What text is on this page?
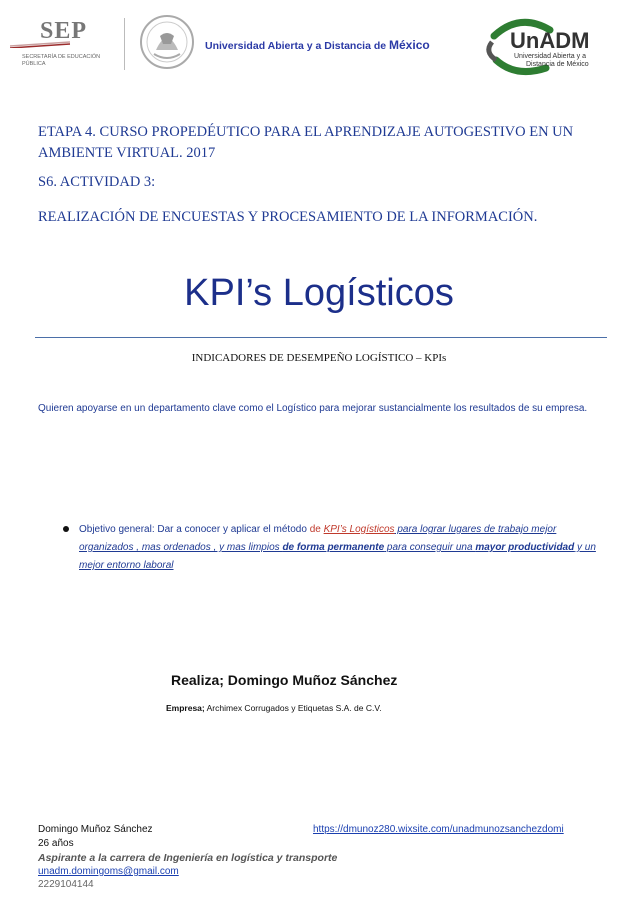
SEP
SECRETARÍA DE EDUCACIÓN PÚBLICA
Universidad Abierta y a Distancia de México	UnADM
Universidad Abierta y a
Distancia de México
ETAPA 4. CURSO PROPEDÉUTICO PARA EL APRENDIZAJE AUTOGESTIVO EN UN AMBIENTE VIRTUAL. 2017
S6. ACTIVIDAD 3:
REALIZACIÓN DE ENCUESTAS Y PROCESAMIENTO DE LA INFORMACIÓN.
KPI’s Logísticos
INDICADORES DE DESEMPEÑO LOGÍSTICO – KPIs
Quieren apoyarse en un departamento clave como el Logístico para mejorar sustancialmente los resultados de su empresa.
Objetivo general: Dar a conocer y aplicar el método de KPI’s Logísticos para lograr lugares de trabajo mejor organizados , mas ordenados , y mas limpios de forma permanente para conseguir una mayor productividad y un mejor entorno laboral
Realiza; Domingo Muñoz Sánchez
Empresa; Archimex Corrugados y Etiquetas S.A. de C.V.
Domingo Muñoz Sánchez	https://dmunoz280.wixsite.com/unadmunozsanchezdomi
26 años
Aspirante a la carrera de Ingeniería en logística y transporte
unadm.domingoms@gmail.com
2229104144
